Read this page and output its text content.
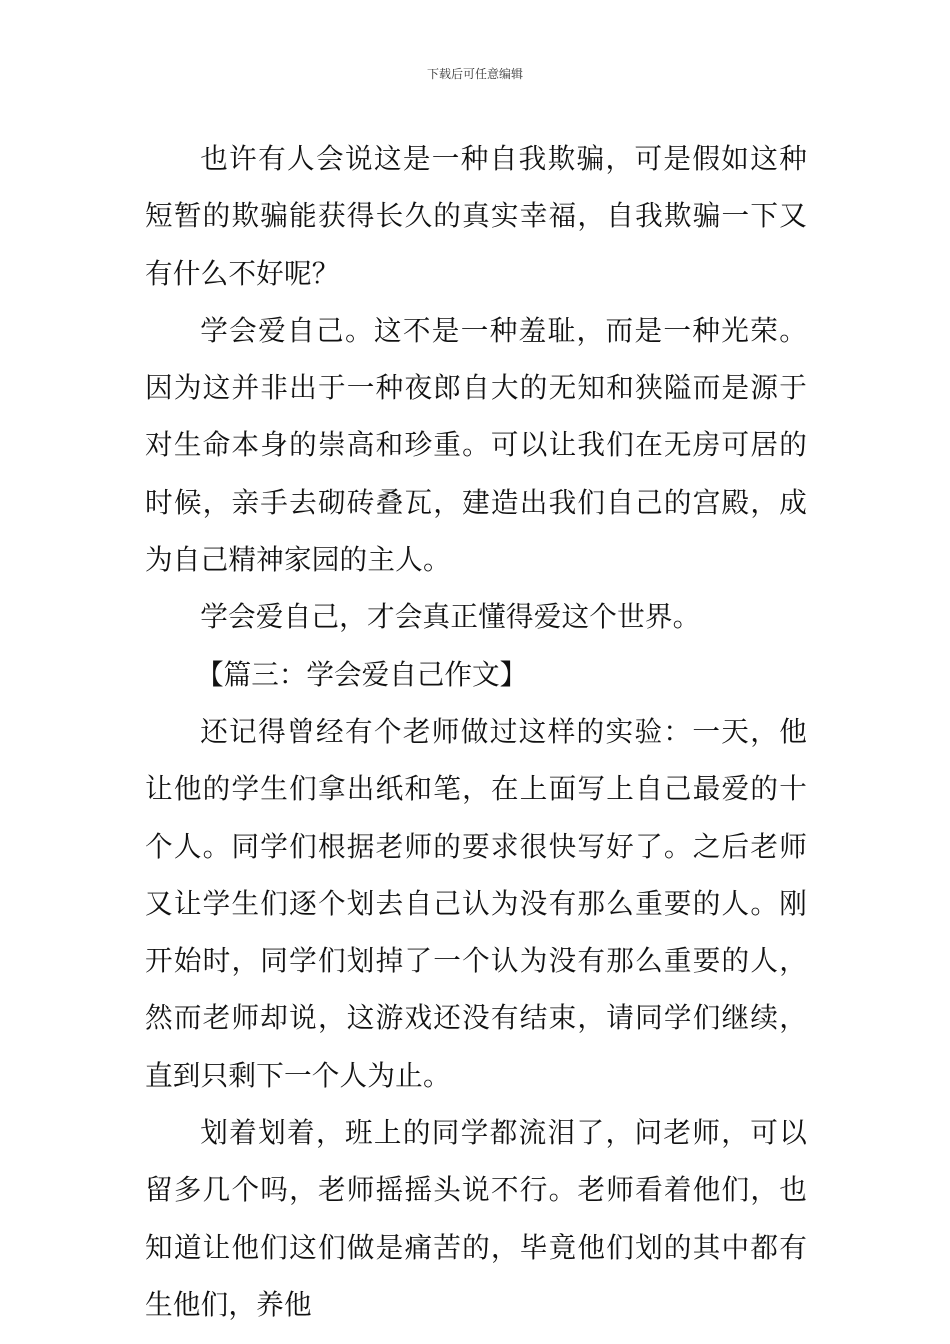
下载后可任意编辑

也许有人会说这是一种自我欺骗，可是假如这种短暂的欺骗能获得长久的真实幸福，自我欺骗一下又有什么不好呢？

学会爱自己。这不是一种羞耻，而是一种光荣。因为这并非出于一种夜郎自大的无知和狭隘而是源于对生命本身的崇高和珍重。可以让我们在无房可居的时候，亲手去砌砖叠瓦，建造出我们自己的宫殿，成为自己精神家园的主人。

学会爱自己，才会真正懂得爱这个世界。

【篇三：学会爱自己作文】

还记得曾经有个老师做过这样的实验：一天，他让他的学生们拿出纸和笔，在上面写上自己最爱的十个人。同学们根据老师的要求很快写好了。之后老师又让学生们逐个划去自己认为没有那么重要的人。刚开始时，同学们划掉了一个认为没有那么重要的人，然而老师却说，这游戏还没有结束，请同学们继续，直到只剩下一个人为止。

划着划着，班上的同学都流泪了，问老师，可以留多几个吗，老师摇摇头说不行。老师看着他们，也知道让他们这们做是痛苦的，毕竟他们划的其中都有生他们，养他
